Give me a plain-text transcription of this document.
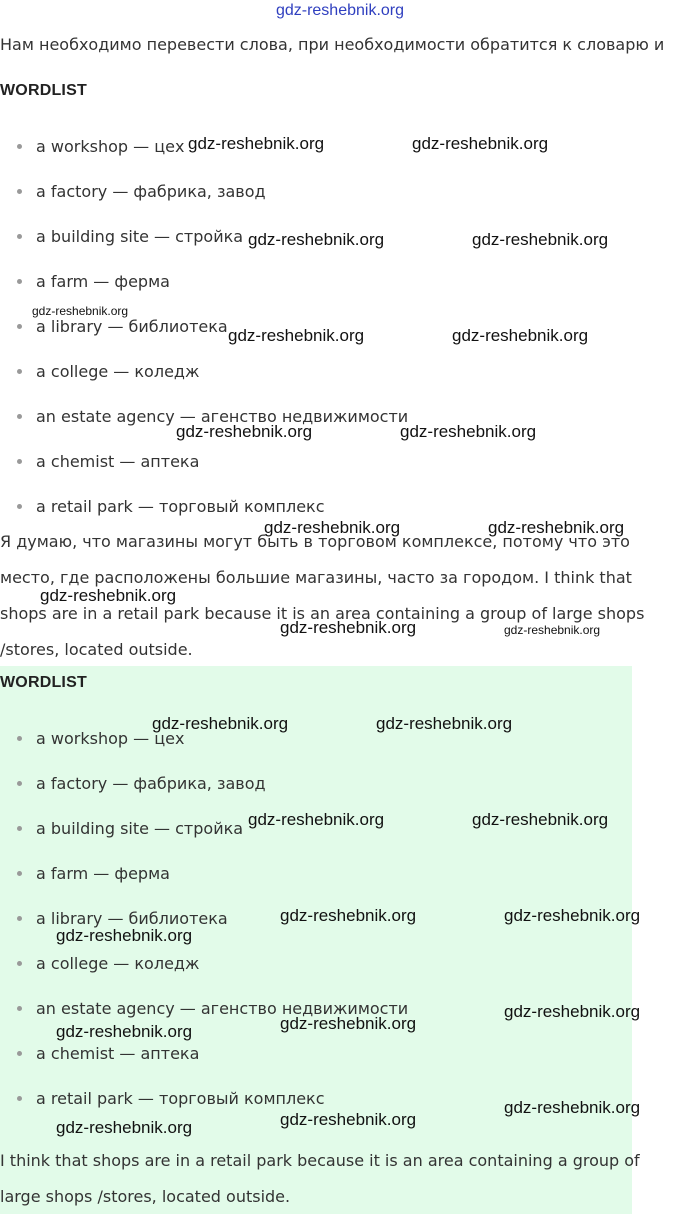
gdz-reshebnik.org
Нам необходимо перевести слова, при необходимости обратится к словарю и
WORDLIST
a workshop — цех
a factory — фабрика, завод
a building site — стройка
a farm — ферма
a library — библиотека
a college — коледж
an estate agency — агенство недвижимости
a chemist — аптека
a retail park — торговый комплекс

Я думаю, что магазины могут быть в торговом комплексе, потому что это место, где расположены большие магазины, часто за городом. I think that shops are in a retail park because it is an area containing a group of large shops /stores, located outside.

WORDLIST
a workshop — цех
a factory — фабрика, завод
a building site — стройка
a farm — ферма
a library — библиотека
a college — коледж
an estate agency — агенство недвижимости
a chemist — аптека
a retail park — торговый комплекс

I think that shops are in a retail park because it is an area containing a group of large shops /stores, located outside.

gdz-reshebnik.org	gdz-reshebnik.org
gdz-reshebnik.org	gdz-reshebnik.org
gdz-reshebnik.org
gdz-reshebnik.org	gdz-reshebnik.org
gdz-reshebnik.org	gdz-reshebnik.org
gdz-reshebnik.org	gdz-reshebnik.org
gdz-reshebnik.org
gdz-reshebnik.org	gdz-reshebnik.org
gdz-reshebnik.org	gdz-reshebnik.org
gdz-reshebnik.org	gdz-reshebnik.org
gdz-reshebnik.org	gdz-reshebnik.org
gdz-reshebnik.org
gdz-reshebnik.org
gdz-reshebnik.org
gdz-reshebnik.org
gdz-reshebnik.org
gdz-reshebnik.org
gdz-reshebnik.org
